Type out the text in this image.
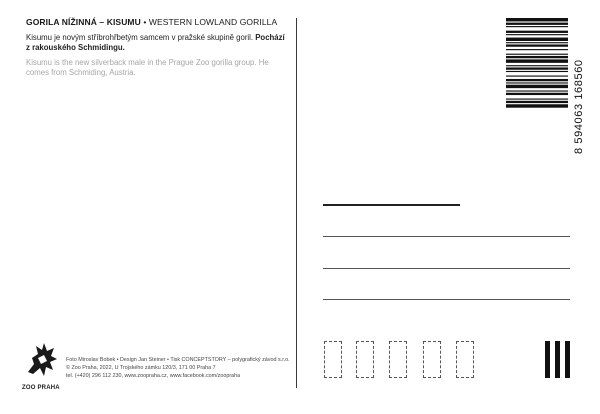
GORILA NÍŽINNÁ – KISUMU • WESTERN LOWLAND GORILLA
Kisumu je novým stříbrohřbetým samcem v pražské skupině goril. Pochází z rakouského Schmidingu.
Kisumu is the new silverback male in the Prague Zoo gorilla group. He comes from Schmiding, Austria.	8 594063 168560
ZOO PRAHA
Foto Miroslav Bobek • Design Jan Steiner • Tisk CONCEPTSTORY – polygrafický závod s.r.o.
© Zoo Praha, 2022, U Trojského zámku 120/3, 171 00 Praha 7
tel. (+420) 296 112 230, www.zoopraha.cz, www.facebook.com/zoopraha
